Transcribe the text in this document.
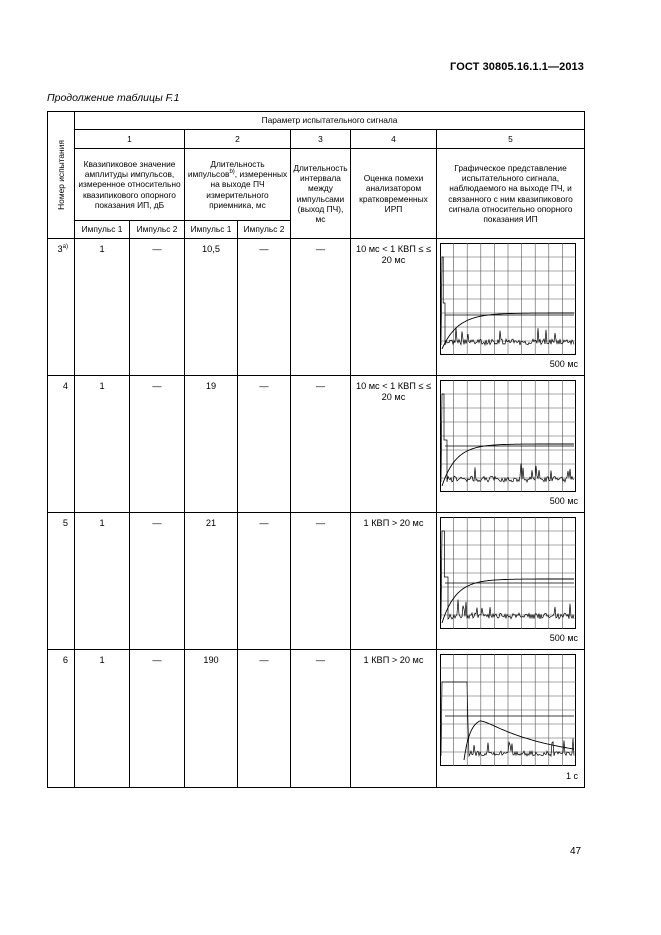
ГОСТ 30805.16.1.1—2013
Продолжение таблицы F.1
Номер испытания	Параметр испытательного сигнала						
	1		2		3	4	5
	Квазипиковое значение амплитуды импульсов, измеренное относительно квазипикового опорного показания ИП, дБ		Длительность импульсов$^{b)}$, измеренных на выходе ПЧ измерительного приемника, мс		Длительность интервала между импульсами (выход ПЧ), мс	Оценка помехи анализатором кратковременных ИРП	Графическое представление испытательного сигнала, наблюдаемого на выходе ПЧ, и связанного с ним квазипикового сигнала относительно опорного показания ИП
	Импульс 1	Импульс 2	Импульс 1	Импульс 2			
3$^{a)}$	1	—	10,5	—	—	10 мс < 1 КВП ≤ ≤ 20 мс	500 мс

4	1	—	19	—	—	10 мс < 1 КВП ≤ ≤ 20 мс	500 мс

5	1	—	21	—	—	1 КВП > 20 мс	500 мс

6	1	—	190	—	—	1 КВП > 20 мс	1 с
47
